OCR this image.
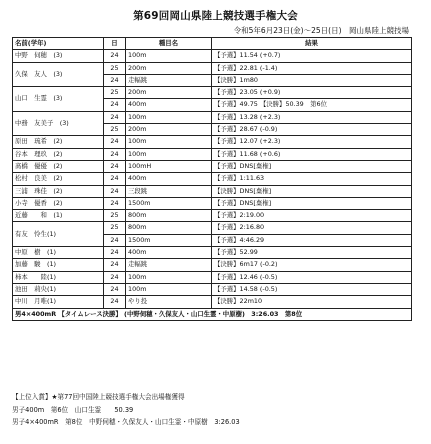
第69回岡山県陸上競技選手権大会
令和5年6月23日(金)～25日(日)　岡山県陸上競技場
名前(学年)	日	種目名	結果
中野　伺穂　(3)	24	100m	【予選】11.54 (+0.7)
久保　友人　(3)	25	200m	【予選】22.81 (-1.4)
	24	走幅跳	【決勝】1m80
山口　生霊　(3)	25	200m	【予選】23.05 (+0.9)
	24	400m	【予選】49.75 【決勝】50.39　第6位
中務　友美子　(3)	24	100m	【予選】13.28 (+2.3)
	25	200m	【予選】28.67 (-0.9)
原田　琉希　(2)	24	100m	【予選】12.07 (+2.3)
谷本　理玖　(2)	24	100m	【予選】11.68 (+0.6)
髙橋　優優　(2)	24	100mH	【予選】DNS[棄権]
松村　良美　(2)	24	400m	【予選】1:11.63
三浦　珠佳　(2)	24	三段跳	【決勝】DNS[棄権]
小寺　優香　(2)	24	1500m	【予選】DNS[棄権]
近藤　　和　(1)	25	800m	【予選】2:19.00
有友　怜生(1)	25	800m	【予選】2:16.80
	24	1500m	【予選】4:46.29
中原　樹　(1)	24	400m	【予選】52.99
加藤　駿　(1)	24	走幅跳	【決勝】6m17 (-0.2)
柿本　　陸(1)	24	100m	【予選】12.46 (-0.5)
池田　莉央(1)	24	100m	【予選】14.58 (-0.5)
中川　月唯(1)	24	やり投	【決勝】22m10
男4×400mR 【タイムレース決勝】 (中野伺穂・久保友人・山口生霊・中原樹)　3:26.03　第8位			
【上位入賞】★第77回中国陸上競技選手権大会出場権獲得
男子400m　第6位　山口生霊　　50.39
男子4×400mR　第8位　中野伺穂・久保友人・山口生霊・中原樹　3:26.03
